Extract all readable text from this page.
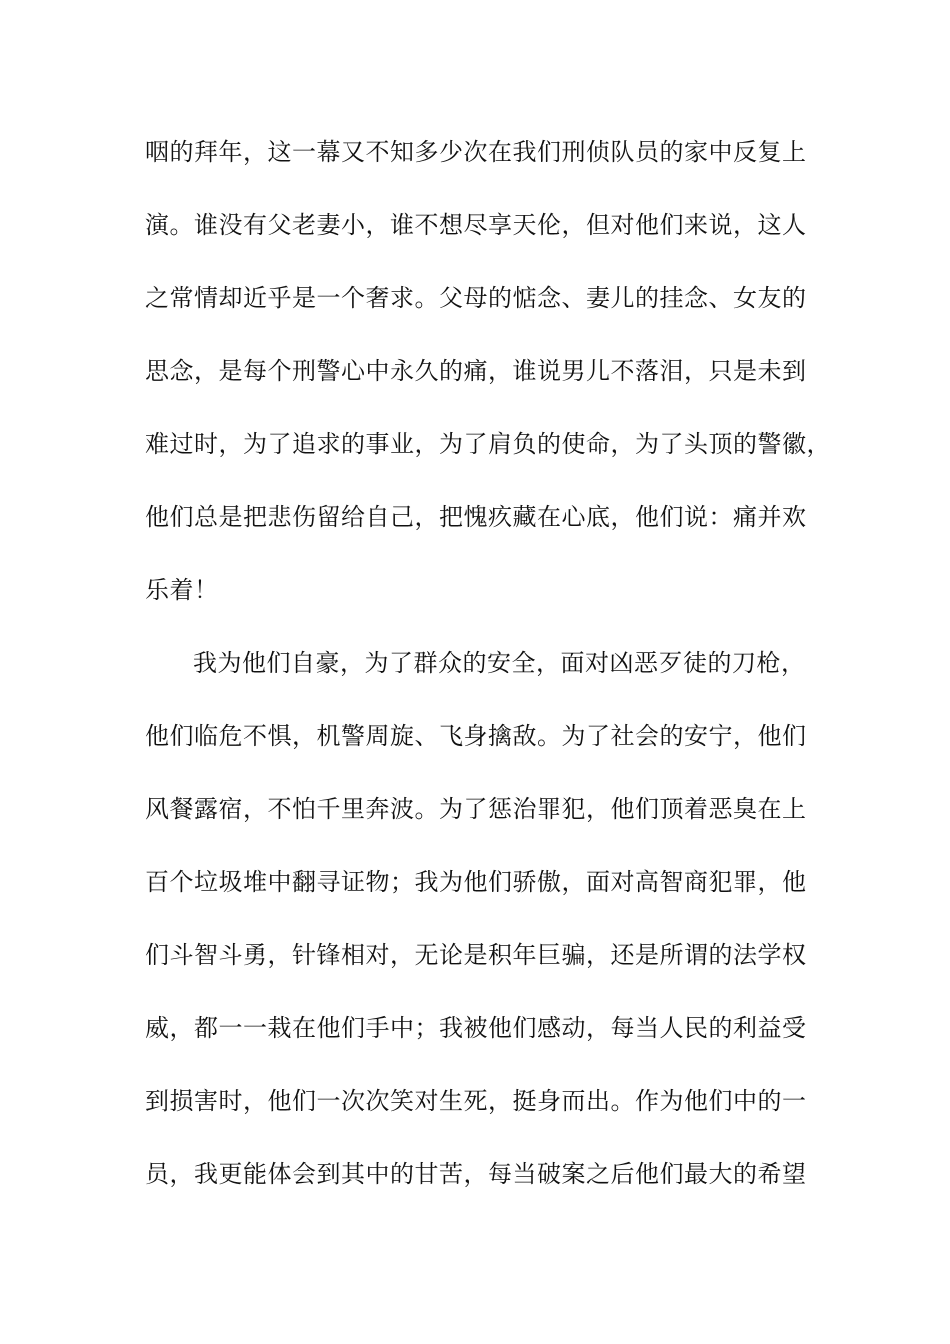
咽的拜年，这一幕又不知多少次在我们刑侦队员的家中反复上
演。谁没有父老妻小，谁不想尽享天伦，但对他们来说，这人
之常情却近乎是一个奢求。父母的惦念、妻儿的挂念、女友的
思念，是每个刑警心中永久的痛，谁说男儿不落泪，只是未到
难过时，为了追求的事业，为了肩负的使命，为了头顶的警徽，
他们总是把悲伤留给自己，把愧疚藏在心底，他们说：痛并欢
乐着！
我为他们自豪，为了群众的安全，面对凶恶歹徒的刀枪，
他们临危不惧，机警周旋、飞身擒敌。为了社会的安宁，他们
风餐露宿，不怕千里奔波。为了惩治罪犯，他们顶着恶臭在上
百个垃圾堆中翻寻证物；我为他们骄傲，面对高智商犯罪，他
们斗智斗勇，针锋相对，无论是积年巨骗，还是所谓的法学权
威，都一一栽在他们手中；我被他们感动，每当人民的利益受
到损害时，他们一次次笑对生死，挺身而出。作为他们中的一
员，我更能体会到其中的甘苦，每当破案之后他们最大的希望
